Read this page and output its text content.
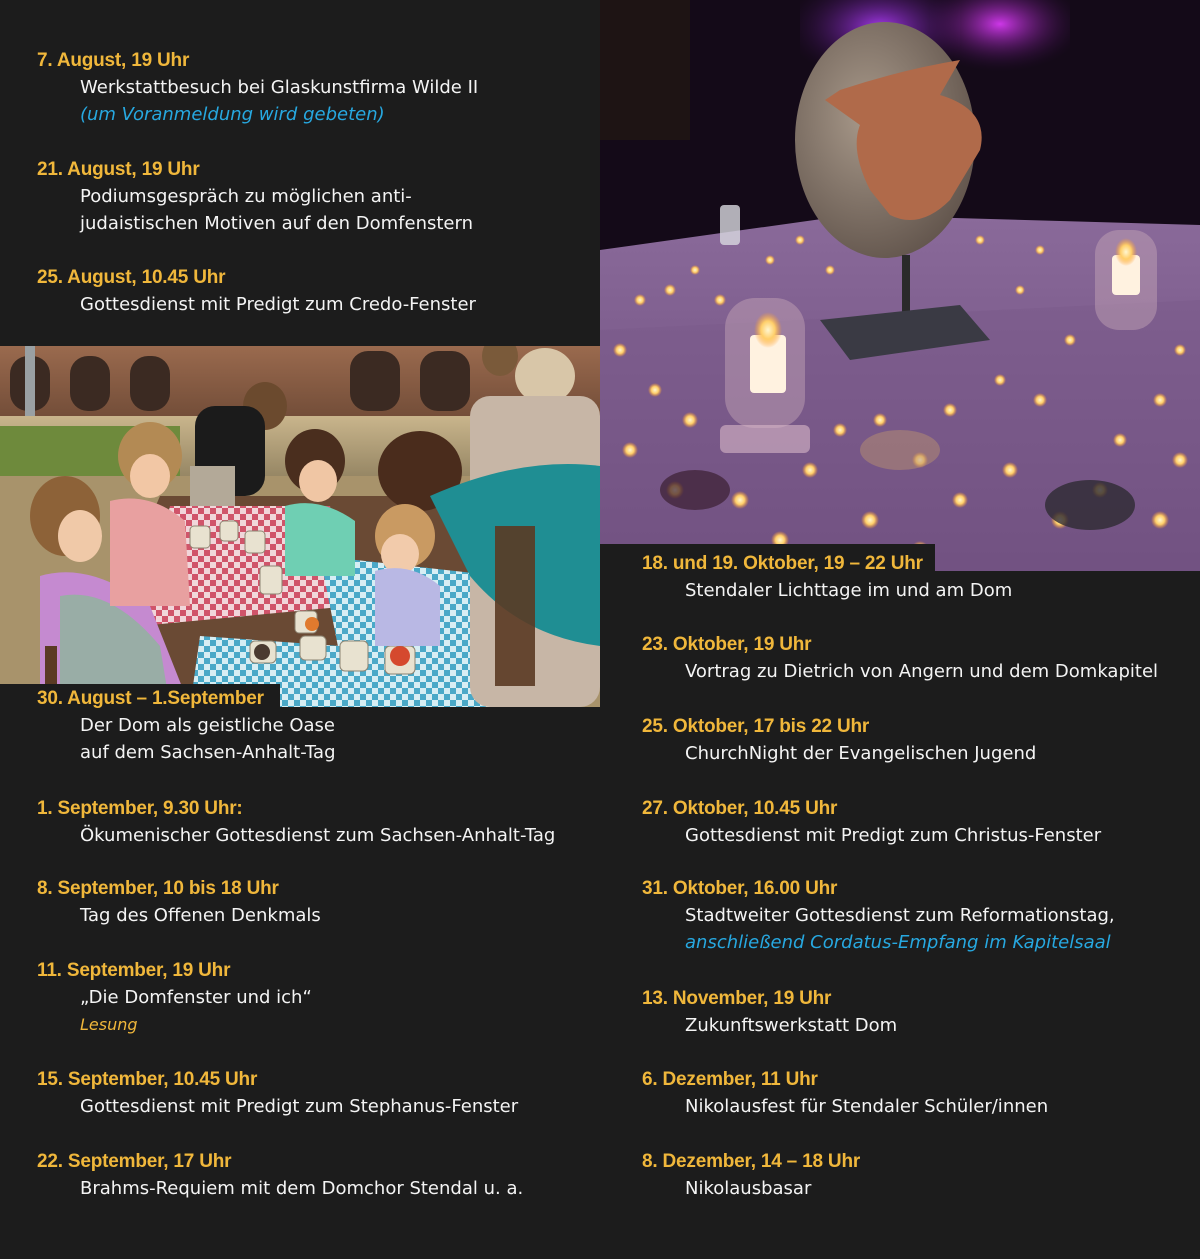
7. August, 19 Uhr
Werkstattbesuch bei Glaskunstfirma Wilde II
(um Voranmeldung wird gebeten)
21. August, 19 Uhr
Podiumsgespräch zu möglichen anti-
judaistischen Motiven auf den Domfenstern
25. August, 10.45 Uhr
Gottesdienst mit Predigt zum Credo-Fenster
30. August – 1.September
Der Dom als geistliche Oase
auf dem Sachsen-Anhalt-Tag
1. September, 9.30 Uhr:
Ökumenischer Gottesdienst zum Sachsen-Anhalt-Tag
8. September, 10 bis 18 Uhr
Tag des Offenen Denkmals
11. September, 19 Uhr
„Die Domfenster und ich“
Lesung
15. September, 10.45 Uhr
Gottesdienst mit Predigt zum Stephanus-Fenster
22. September, 17 Uhr
Brahms-Requiem mit dem Domchor Stendal u. a.
18. und 19. Oktober, 19 – 22 Uhr
Stendaler Lichttage im und am Dom
23. Oktober, 19 Uhr
Vortrag zu Dietrich von Angern und dem Domkapitel
25. Oktober, 17 bis 22 Uhr
ChurchNight der Evangelischen Jugend
27. Oktober, 10.45 Uhr
Gottesdienst mit Predigt zum Christus-Fenster
31. Oktober, 16.00 Uhr
Stadtweiter Gottesdienst zum Reformationstag,
anschließend Cordatus-Empfang im Kapitelsaal
13. November, 19 Uhr
Zukunftswerkstatt Dom
6. Dezember, 11 Uhr
Nikolausfest für Stendaler Schüler/innen
8. Dezember, 14 – 18 Uhr
Nikolausbasar
